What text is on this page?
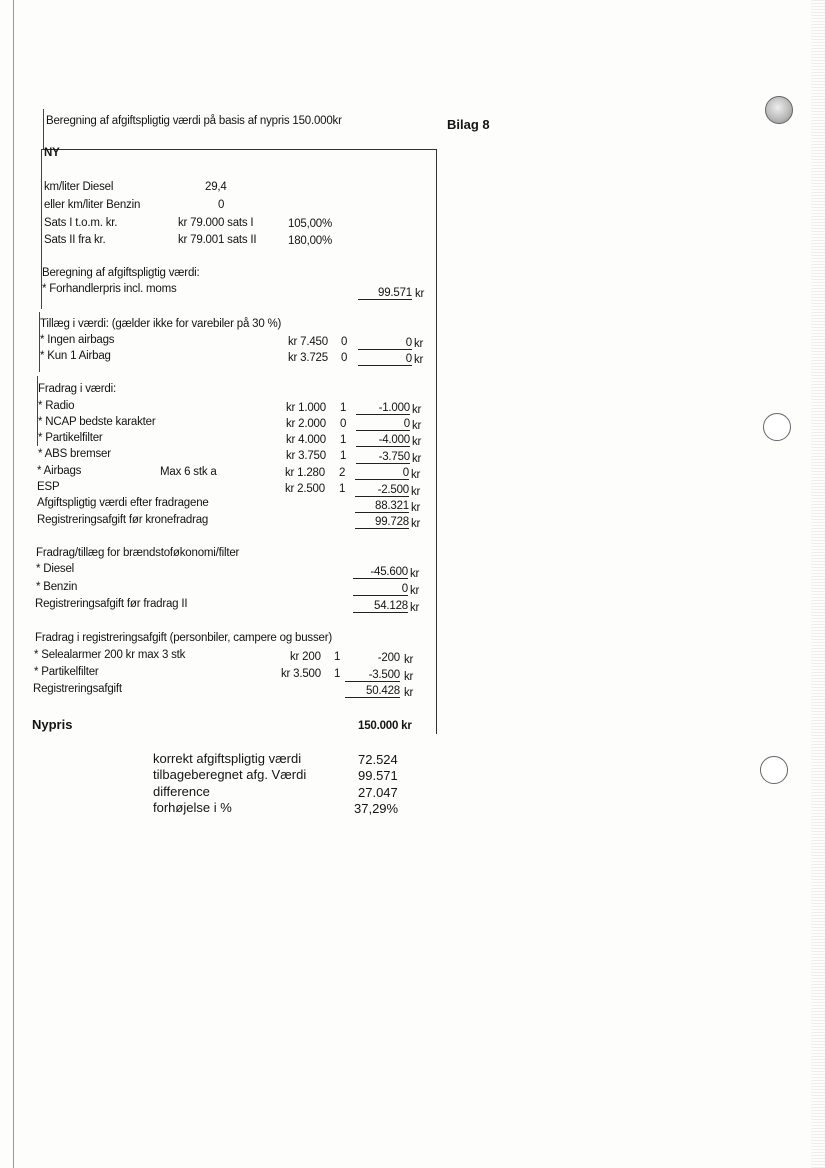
Beregning af afgiftspligtig værdi på basis af nypris 150.000kr	Bilag 8
NY
km/liter Diesel	29,4
eller km/liter Benzin	0
Sats I t.o.m. kr.	kr 79.000 sats I	105,00%
Sats II fra kr.	kr 79.001 sats II	180,00%
Beregning af afgiftspligtig værdi:
* Forhandlerpris incl. moms	99.571 kr
Tillæg i værdi: (gælder ikke for varebiler på 30 %)
* Ingen airbags	kr 7.450 0	0 kr
* Kun 1 Airbag	kr 3.725 0	0 kr
Fradrag i værdi:
* Radio	kr 1.000 1	-1.000 kr
* NCAP bedste karakter	kr 2.000 0	0 kr
* Partikelfilter	kr 4.000 1	-4.000 kr
* ABS bremser	kr 3.750 1	-3.750 kr
* Airbags	Max 6 stk a	kr 1.280 2	0 kr
ESP	kr 2.500 1	-2.500 kr
Afgiftspligtig værdi efter fradragene	88.321 kr
Registreringsafgift før kronefradrag	99.728 kr
Fradrag/tillæg for brændstoføkonomi/filter
* Diesel	-45.600 kr
* Benzin	0 kr
Registreringsafgift før fradrag II	54.128 kr
Fradrag i registreringsafgift (personbiler, campere og busser)
* Selealarmer 200 kr max 3 stk	kr 200 1	-200 kr
* Partikelfilter	kr 3.500 1	-3.500 kr
Registreringsafgift	50.428 kr
Nypris	150.000 kr
korrekt afgiftspligtig værdi	72.524
tilbageberegnet afg. Værdi	99.571
difference	27.047
forhøjelse i %	37,29%
